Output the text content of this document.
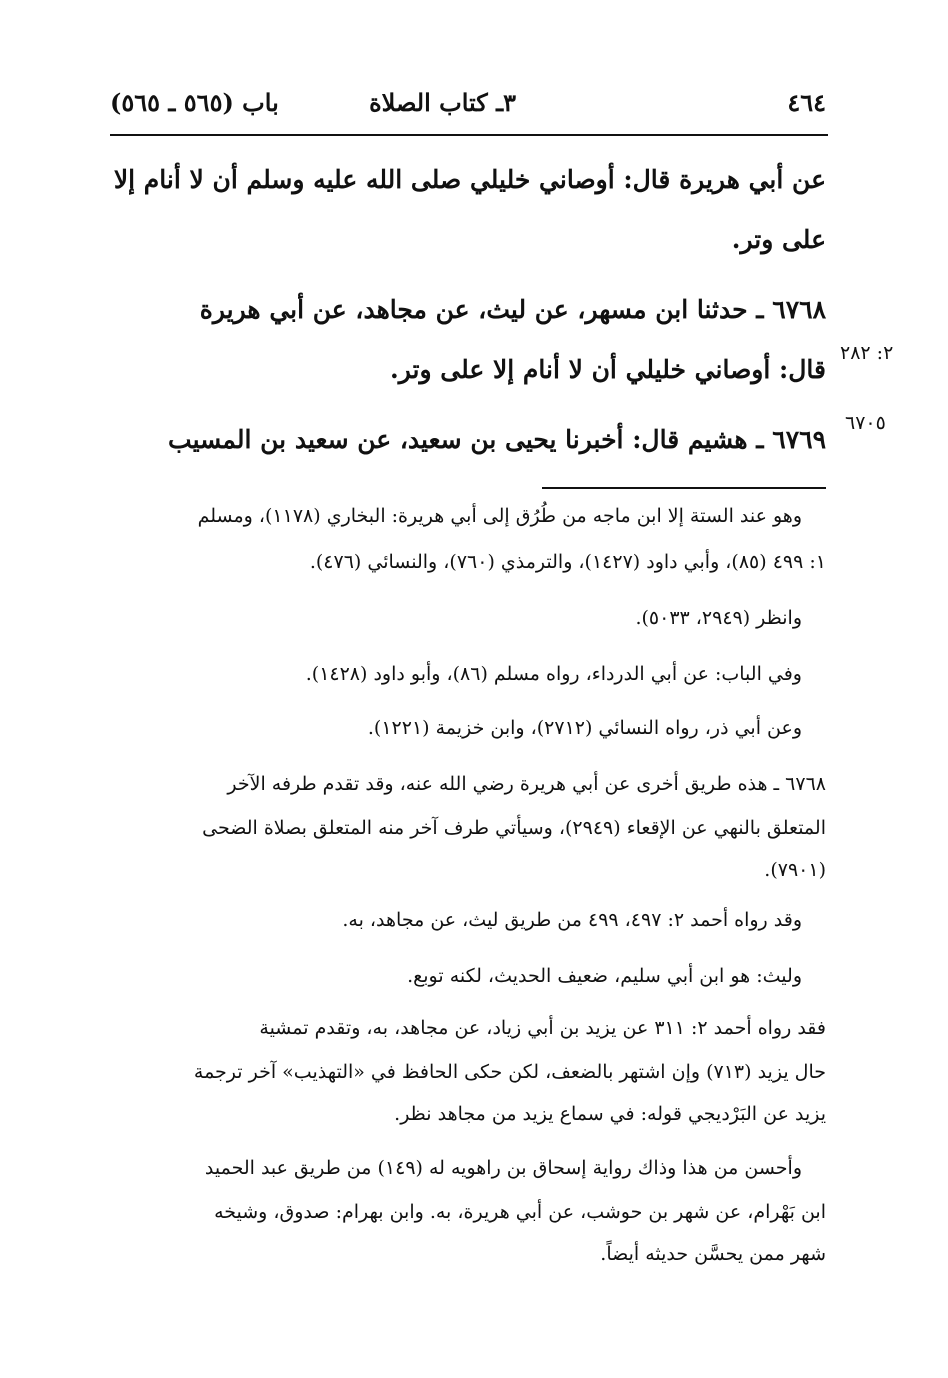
٤٦٤
٣ـ كتاب الصلاة
باب (٥٦٥ ـ ٥٦٥)
عن أبي هريرة قال: أوصاني خليلي صلى الله عليه وسلم أن لا أنام إلا
على وتر.
٦٧٦٨ ـ حدثنا ابن مسهر، عن ليث، عن مجاهد، عن أبي هريرة
قال: أوصاني خليلي أن لا أنام إلا على وتر.
٦٧٦٩ ـ هشيم قال: أخبرنا يحيى بن سعيد، عن سعيد بن المسيب
٢: ٢٨٢
٦٧٠٥
وهو عند الستة إلا ابن ماجه من طُرُق إلى أبي هريرة: البخاري (١١٧٨)، ومسلم
١: ٤٩٩ (٨٥)، وأبي داود (١٤٢٧)، والترمذي (٧٦٠)، والنسائي (٤٧٦).
وانظر (٢٩٤٩، ٥٠٣٣).
وفي الباب: عن أبي الدرداء، رواه مسلم (٨٦)، وأبو داود (١٤٢٨).
وعن أبي ذر، رواه النسائي (٢٧١٢)، وابن خزيمة (١٢٢١).
٦٧٦٨ ـ هذه طريق أخرى عن أبي هريرة رضي الله عنه، وقد تقدم طرفه الآخر
المتعلق بالنهي عن الإقعاء (٢٩٤٩)، وسيأتي طرف آخر منه المتعلق بصلاة الضحى
(٧٩٠١).
وقد رواه أحمد ٢: ٤٩٧، ٤٩٩ من طريق ليث، عن مجاهد، به.
وليث: هو ابن أبي سليم، ضعيف الحديث، لكنه توبع.
فقد رواه أحمد ٢: ٣١١ عن يزيد بن أبي زياد، عن مجاهد، به، وتقدم تمشية
حال يزيد (٧١٣) وإن اشتهر بالضعف، لكن حكى الحافظ في «التهذيب» آخر ترجمة
يزيد عن البَرْديجي قوله: في سماع يزيد من مجاهد نظر.
وأحسن من هذا وذاك رواية إسحاق بن راهويه له (١٤٩) من طريق عبد الحميد
ابن بَهْرام، عن شهر بن حوشب، عن أبي هريرة، به. وابن بهرام: صدوق، وشيخه
شهر ممن يحسَّن حديثه أيضاً.
